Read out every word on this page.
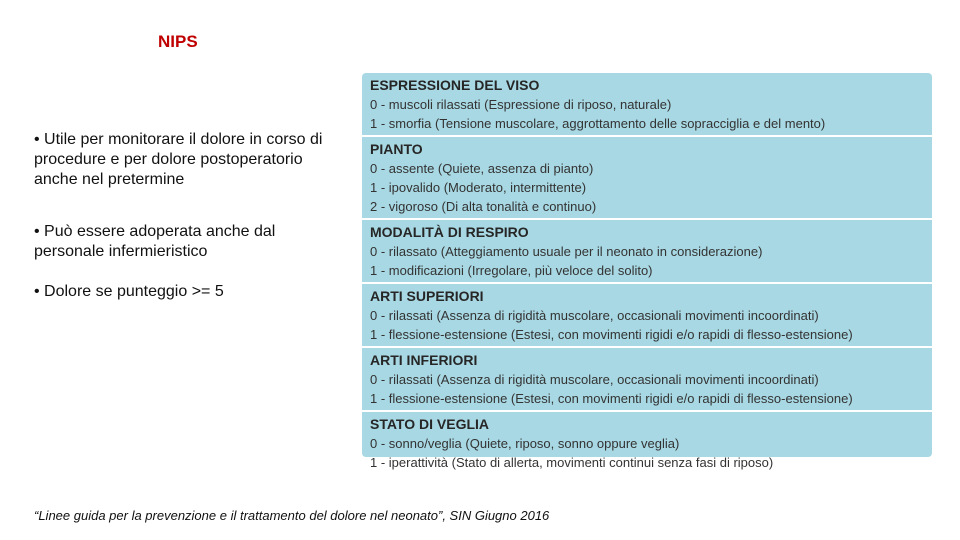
NIPS
• Utile per monitorare il dolore in corso di procedure e per dolore postoperatorio anche nel pretermine
• Può essere adoperata anche dal personale infermieristico
• Dolore se punteggio >= 5
ESPRESSIONE DEL VISO
0 - muscoli rilassati (Espressione di riposo, naturale)
1 - smorfia (Tensione muscolare, aggrottamento delle sopracciglia e del mento)
PIANTO
0 - assente (Quiete, assenza di pianto)
1 - ipovalido (Moderato, intermittente)
2 - vigoroso (Di alta tonalità e continuo)
MODALITÀ DI RESPIRO
0 - rilassato (Atteggiamento usuale per il neonato in considerazione)
1 - modificazioni (Irregolare, più veloce del solito)
ARTI SUPERIORI
0 - rilassati (Assenza di rigidità muscolare, occasionali movimenti incoordinati)
1 - flessione-estensione (Estesi, con movimenti rigidi e/o rapidi di flesso-estensione)
ARTI INFERIORI
0 - rilassati (Assenza di rigidità muscolare, occasionali movimenti incoordinati)
1 - flessione-estensione (Estesi, con movimenti rigidi e/o rapidi di flesso-estensione)
STATO DI VEGLIA
0 - sonno/veglia (Quiete, riposo, sonno oppure veglia)
1 - iperattività (Stato di allerta, movimenti continui senza fasi di riposo)
“Linee guida per la prevenzione e il trattamento del dolore nel neonato”, SIN Giugno 2016
